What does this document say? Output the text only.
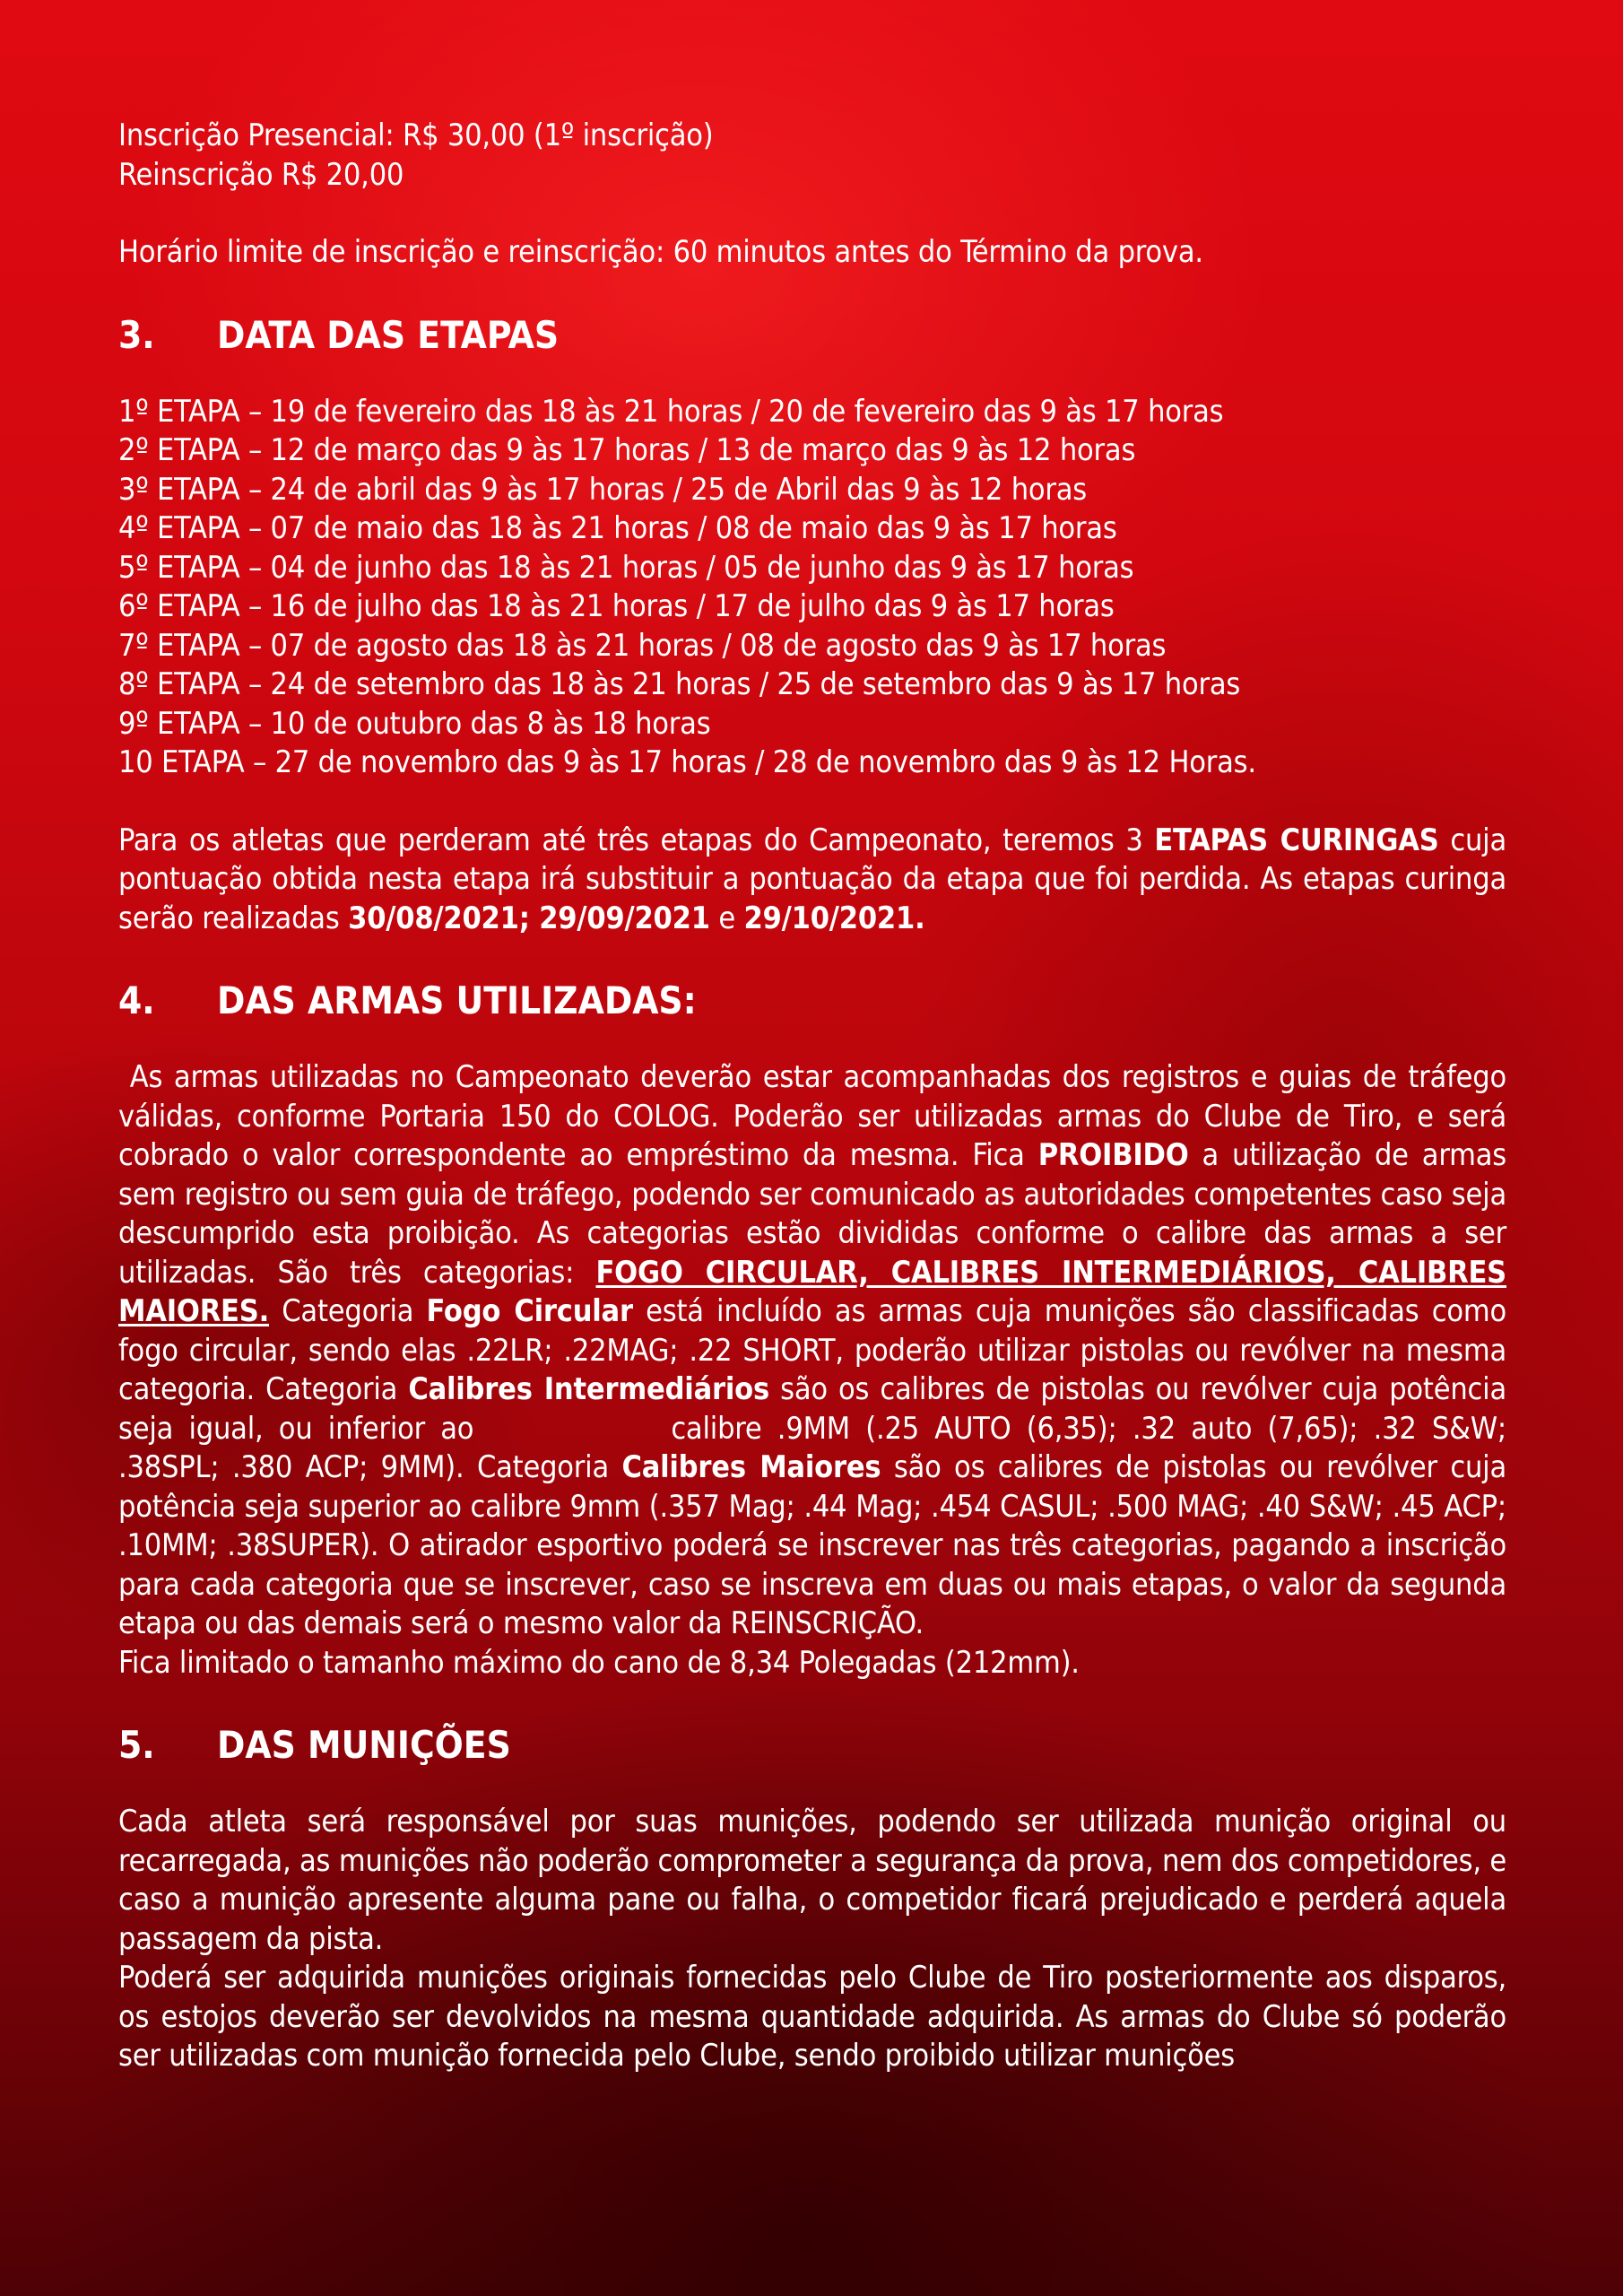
Inscrição Presencial: R$ 30,00 (1º inscrição)
Reinscrição R$ 20,00
Horário limite de inscrição e reinscrição: 60 minutos antes do Término da prova.
3.	DATA DAS ETAPAS
1º ETAPA – 19 de fevereiro das 18 às 21 horas / 20 de fevereiro das 9 às 17 horas
2º ETAPA – 12 de março das 9 às 17 horas / 13 de março das 9 às 12 horas
3º ETAPA – 24 de abril das 9 às 17 horas / 25 de Abril das 9 às 12 horas
4º ETAPA – 07 de maio das 18 às 21 horas / 08 de maio das 9 às 17 horas
5º ETAPA – 04 de junho das 18 às 21 horas / 05 de junho das 9 às 17 horas
6º ETAPA – 16 de julho das 18 às 21 horas / 17 de julho das 9 às 17 horas
7º ETAPA – 07 de agosto das 18 às 21 horas / 08 de agosto das 9 às 17 horas
8º ETAPA – 24 de setembro das 18 às 21 horas / 25 de setembro das 9 às 17 horas
9º ETAPA – 10 de outubro das 8 às 18 horas
10 ETAPA – 27 de novembro das 9 às 17 horas / 28 de novembro das 9 às 12 Horas.

Para os atletas que perderam até três etapas do Campeonato, teremos 3 ETAPAS CURINGAS cuja pontuação obtida nesta etapa irá substituir a pontuação da etapa que foi perdida. As etapas curinga serão realizadas 30/08/2021; 29/09/2021 e 29/10/2021.

4.	DAS ARMAS UTILIZADAS:

As armas utilizadas no Campeonato deverão estar acompanhadas dos registros e guias de tráfego válidas, conforme Portaria 150 do COLOG. Poderão ser utilizadas armas do Clube de Tiro, e será cobrado o valor correspondente ao empréstimo da mesma. Fica PROIBIDO a utilização de armas sem registro ou sem guia de tráfego, podendo ser comunicado as autoridades competentes caso seja descumprido esta proibição. As categorias estão divididas conforme o calibre das armas a ser utilizadas. São três categorias: FOGO CIRCULAR, CALIBRES INTERMEDIÁRIOS, CALIBRES MAIORES. Categoria Fogo Circular está incluído as armas cuja munições são classificadas como fogo circular, sendo elas .22LR; .22MAG; .22 SHORT, poderão utilizar pistolas ou revólver na mesma categoria. Categoria Calibres Intermediários são os calibres de pistolas ou revólver cuja potência seja igual, ou inferior ao	calibre .9MM (.25 AUTO (6,35); .32 auto (7,65); .32 S&W; .38SPL; .380 ACP; 9MM). Categoria Calibres Maiores são os calibres de pistolas ou revólver cuja potência seja superior ao calibre 9mm (.357 Mag; .44 Mag; .454 CASUL; .500 MAG; .40 S&W; .45 ACP; .10MM; .38SUPER). O atirador esportivo poderá se inscrever nas três categorias, pagando a inscrição para cada categoria que se inscrever, caso se inscreva em duas ou mais etapas, o valor da segunda etapa ou das demais será o mesmo valor da REINSCRIÇÃO.

Fica limitado o tamanho máximo do cano de 8,34 Polegadas (212mm).
5.	DAS MUNIÇÕES

Cada atleta será responsável por suas munições, podendo ser utilizada munição original ou recarregada, as munições não poderão comprometer a segurança da prova, nem dos competidores, e caso a munição apresente alguma pane ou falha, o competidor ficará prejudicado e perderá aquela passagem da pista.

Poderá ser adquirida munições originais fornecidas pelo Clube de Tiro posteriormente aos disparos, os estojos deverão ser devolvidos na mesma quantidade adquirida. As armas do Clube só poderão ser utilizadas com munição fornecida pelo Clube, sendo proibido utilizar munições
